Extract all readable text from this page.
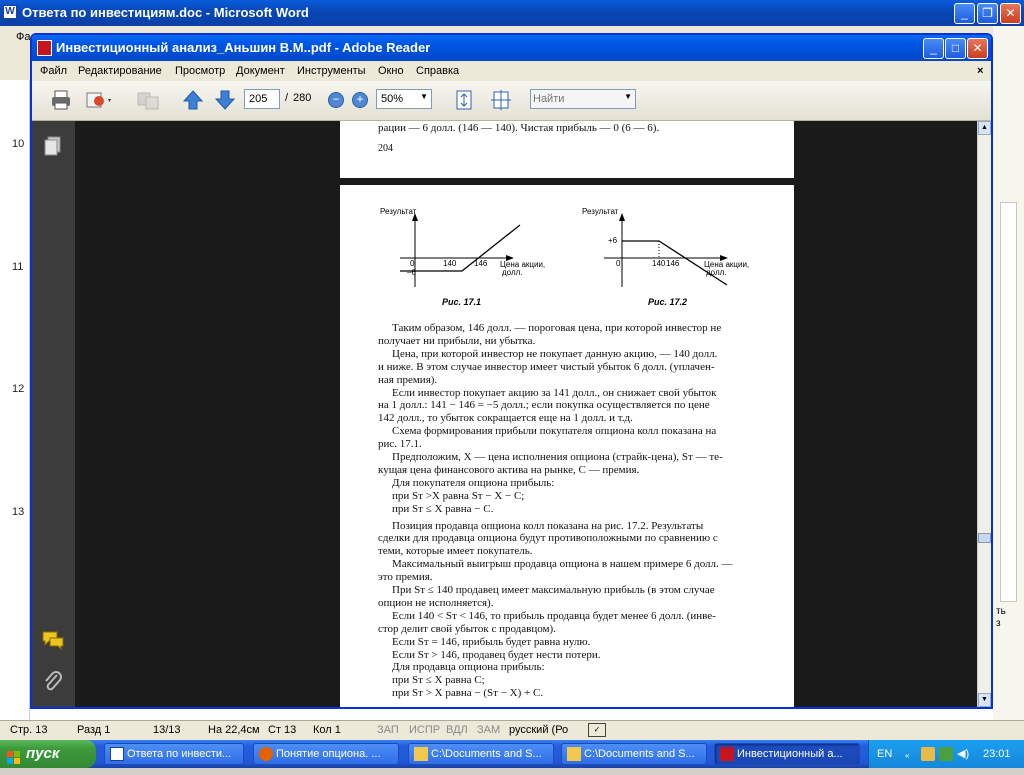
Ответа по инвестициям.doc - Microsoft Word
W	_	❐	✕
Фа
10
11
12
13
ть
з
Инвестиционный анализ_Аньшин В.М..pdf - Adobe Reader	_	□	✕
Файл Редактирование Просмотр Документ Инструменты Окно Справка	×
205
/ 280	−	+	50% ▼
Найти	▼
рации — 6 долл. (146 — 140). Чистая прибыль — 0 (6 — 6).
204
Результат
0
–6
140 146 Цена акции,
долл.
Рис. 17.1
Результат
+6
0	140 146	Цена акции,
долл.
Рис. 17.2
Таким образом, 146 долл. — пороговая цена, при которой инвестор не
получает ни прибыли, ни убытка.
Цена, при которой инвестор не покупает данную акцию, — 140 долл.
и ниже. В этом случае инвестор имеет чистый убыток 6 долл. (уплачен-
ная премия).
Если инвестор покупает акцию за 141 долл., он снижает свой убыток
на 1 долл.: 141 − 146 = −5 долл.; если покупка осуществляется по цене
142 долл., то убыток сокращается еще на 1 долл. и т.д.
Схема формирования прибыли покупателя опциона колл показана на
рис. 17.1.
Предположим, X — цена исполнения опциона (страйк-цена), Sᴛ — те-
кущая цена финансового актива на рынке, C — премия.
Для покупателя опциона прибыль:
при Sᴛ >X равна Sᴛ − X − C;
при Sᴛ ≤ X равна − C.
Позиция продавца опциона колл показана на рис. 17.2. Результаты
сделки для продавца опциона будут противоположными по сравнению с
теми, которые имеет покупатель.
Максимальный выигрыш продавца опциона в нашем примере 6 долл. —
это премия.
При Sᴛ ≤ 140 продавец имеет максимальную прибыль (в этом случае
опцион не исполняется).
Если 140 < Sᴛ < 146, то прибыль продавца будет менее 6 долл. (инве-
стор делит свой убыток с продавцом).
Если Sᴛ = 146, прибыль будет равна нулю.
Если Sᴛ > 146, продавец будет нести потери.
Для продавца опциона прибыль:
при Sᴛ ≤ X равна C;
при Sᴛ > X равна − (Sᴛ − X) + C.
▲
▼
Стр. 13	Разд 1	13/13 На 22,4см Ст 13 Кол 1	ЗАП ИСПР ВДЛ ЗАМ русский (Ро	✓
пуск	Ответа по инвести...	Понятие опциона. ...	C:\Documents and S...	C:\Documents and S...	Инвестиционный а...	EN «	◀) 23:01
